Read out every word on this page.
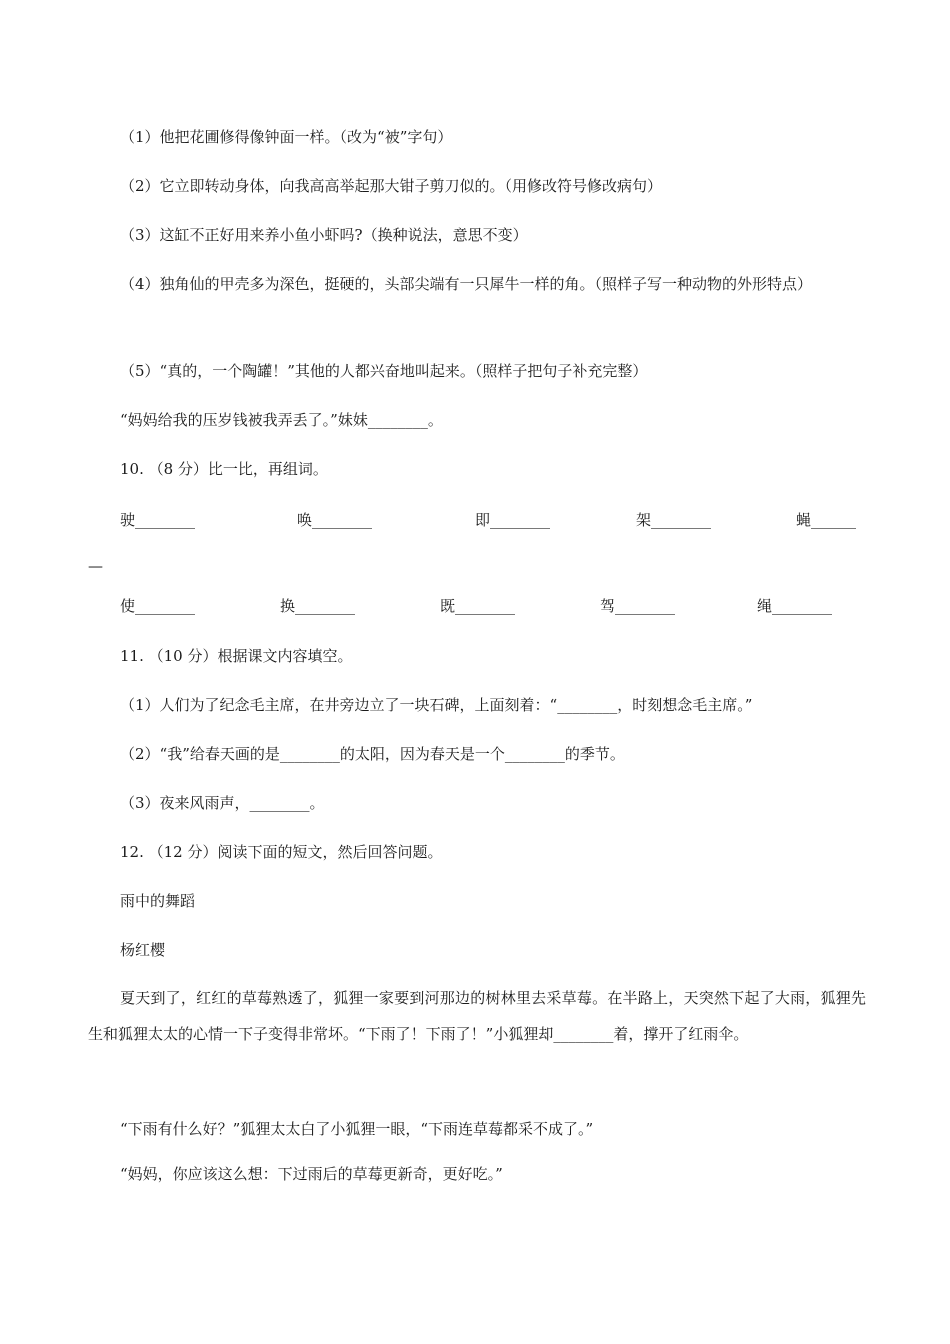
（1）他把花圃修得像钟面一样。（改为“被”字句）

（2）它立即转动身体，向我高高举起那大钳子剪刀似的。（用修改符号修改病句）

（3）这缸不正好用来养小鱼小虾吗?（换种说法，意思不变）

（4）独角仙的甲壳多为深色，挺硬的，头部尖端有一只犀牛一样的角。（照样子写一种动物的外形特点）

（5）“真的，一个陶罐！”其他的人都兴奋地叫起来。（照样子把句子补充完整）

“妈妈给我的压岁钱被我弄丢了。”妹妹________。

10. （8 分）比一比，再组词。

驶________	唤________	即________	架________	蝇______
—
使________	换________	既________	驾________	绳________

11. （10 分）根据课文内容填空。

（1）人们为了纪念毛主席，在井旁边立了一块石碑，上面刻着：“________，时刻想念毛主席。”

（2）“我”给春天画的是________的太阳，因为春天是一个________的季节。

（3）夜来风雨声，________。

12. （12 分）阅读下面的短文，然后回答问题。

雨中的舞蹈

杨红樱

夏天到了，红红的草莓熟透了，狐狸一家要到河那边的树林里去采草莓。在半路上，天突然下起了大雨，狐狸先生和狐狸太太的心情一下子变得非常坏。“下雨了！下雨了！”小狐狸却________着，撑开了红雨伞。

“下雨有什么好？”狐狸太太白了小狐狸一眼，“下雨连草莓都采不成了。”

“妈妈，你应该这么想：下过雨后的草莓更新奇，更好吃。”
